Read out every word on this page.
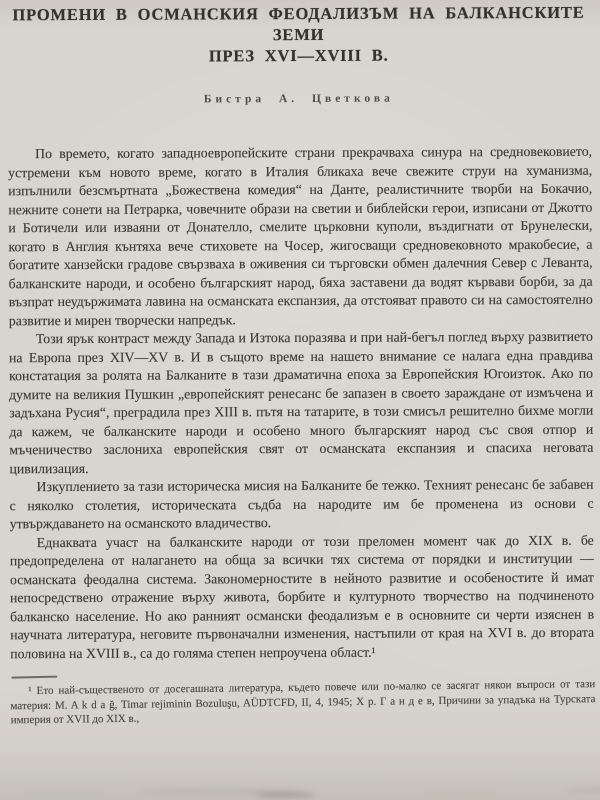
ПРОМЕНИ В ОСМАНСКИЯ ФЕОДАЛИЗЪМ НА БАЛКАНСКИТЕ ЗЕМИ
ПРЕЗ XVI—XVIII В.
Бистра А. Цветкова

По времето, когато западноевропейските страни прекрачваха синура на средновековието, устремени към новото време, когато в Италия бликаха вече свежите струи на хуманизма, изпълнили безсмъртната „Божествена комедия“ на Данте, реалистичните творби на Бокачио, нежните сонети на Петрарка, човечните образи на светии и библейски герои, изписани от Джотто и Ботичели или изваяни от Донателло, смелите църковни куполи, въздигнати от Брунелески, когато в Англия кънтяха вече стиховете на Чосер, жигосващи средновековното мракобесие, а богатите ханзейски градове свързваха в оживения си търговски обмен далечния Север с Леванта, балканските народи, и особено българският народ, бяха заставени да водят кървави борби, за да възпрат неудържимата лавина на османската експанзия, да отстояват правото си на самостоятелно развитие и мирен творчески напредък.

Този ярък контраст между Запада и Изтока поразява и при най-бегъл поглед върху развитието на Европа през XIV—XV в. И в същото време на нашето внимание се налага една правдива констатация за ролята на Балканите в тази драматична епоха за Европейския Югоизток. Ако по думите на великия Пушкин „европейският ренесанс бе запазен в своето зараждане от измъчена и задъхана Русия“, преградила през XIII в. пътя на татарите, в този смисъл решително бихме могли да кажем, че балканските народи и особено много българският народ със своя отпор и мъченичество заслониха европейския свят от османската експанзия и спасиха неговата цивилизация.

Изкуплението за тази историческа мисия на Балканите бе тежко. Техният ренесанс бе забавен с няколко столетия, историческата съдба на народите им бе променена из основи с утвърждаването на османското владичество.

Еднаквата участ на балканските народи от този преломен момент чак до XIX в. бе предопределена от налагането на обща за всички тях система от порядки и институции — османската феодална система. Закономерностите в нейното развитие и особеностите й имат непосредствено отражение върху живота, борбите и културното творчество на подчиненото балканско население. Но ако ранният османски феодализъм е в основните си черти изяснен в научната литература, неговите първоначални изменения, настъпили от края на XVI в. до втората половина на XVIII в., са до голяма степен непроучена област.¹

¹ Ето най-същественото от досегашната литература, където повече или по-малко се засягат някои въпроси от тази материя: M. A k d a ğ, Timar rejiminin Bozuluşu, AÜDTCFD, II, 4, 1945; Х р. Г а н д е в, Причини за упадъка на Турската империя от XVII до XIX в.,
